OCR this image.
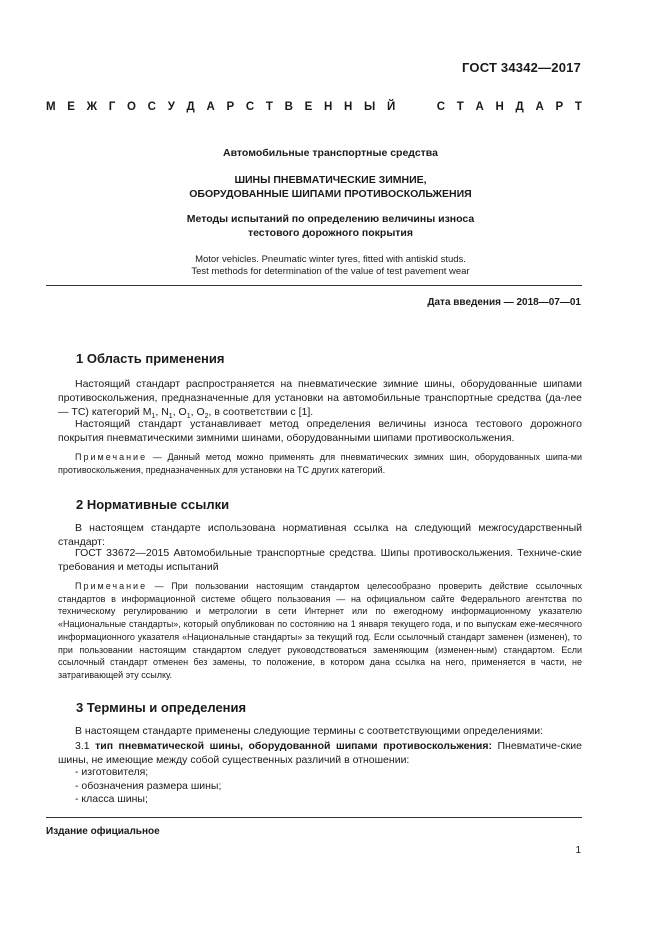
ГОСТ 34342—2017
М Е Ж Г О С У Д А Р С Т В Е Н Н Ы Й

	С Т А Н Д А Р Т
Автомобильные транспортные средства
ШИНЫ ПНЕВМАТИЧЕСКИЕ ЗИМНИЕ,
ОБОРУДОВАННЫЕ ШИПАМИ ПРОТИВОСКОЛЬЖЕНИЯ
Методы испытаний по определению величины износа
тестового дорожного покрытия
Motor vehicles. Pneumatic winter tyres, fitted with antiskid studs.
Test methods for determination of the value of test pavement wear
Дата введения — 2018—07—01
1 Область применения
Настоящий стандарт распространяется на пневматические зимние шины, оборудованные шипами противоскольжения, предназначенные для установки на автомобильные транспортные средства (да-лее — ТС) категорий $M_1$, $N_1$, $O_1$, $O_2$, в соответствии с [1].
Настоящий стандарт устанавливает метод определения величины износа тестового дорожного покрытия пневматическими зимними шинами, оборудованными шипами противоскольжения.
Примечание — Данный метод можно применять для пневматических зимних шин, оборудованных шипа-ми противоскольжения, предназначенных для установки на ТС других категорий.
2 Нормативные ссылки
В настоящем стандарте использована нормативная ссылка на следующий межгосударственный стандарт:
ГОСТ 33672—2015 Автомобильные транспортные средства. Шипы противоскольжения. Техниче-ские требования и методы испытаний
Примечание — При пользовании настоящим стандартом целесообразно проверить действие ссылочных стандартов в информационной системе общего пользования — на официальном сайте Федерального агентства по техническому регулированию и метрологии в сети Интернет или по ежегодному информационному указателю «Национальные стандарты», который опубликован по состоянию на 1 января текущего года, и по выпускам еже-месячного информационного указателя «Национальные стандарты» за текущий год. Если ссылочный стандарт заменен (изменен), то при пользовании настоящим стандартом следует руководствоваться заменяющим (изменен-ным) стандартом. Если ссылочный стандарт отменен без замены, то положение, в котором дана ссылка на него, применяется в части, не затрагивающей эту ссылку.
3 Термины и определения
В настоящем стандарте применены следующие термины с соответствующими определениями:
3.1 тип пневматической шины, оборудованной шипами противоскольжения: Пневматиче-ские шины, не имеющие между собой существенных различий в отношении:
- изготовителя;
- обозначения размера шины;
- класса шины;
Издание официальное
1
